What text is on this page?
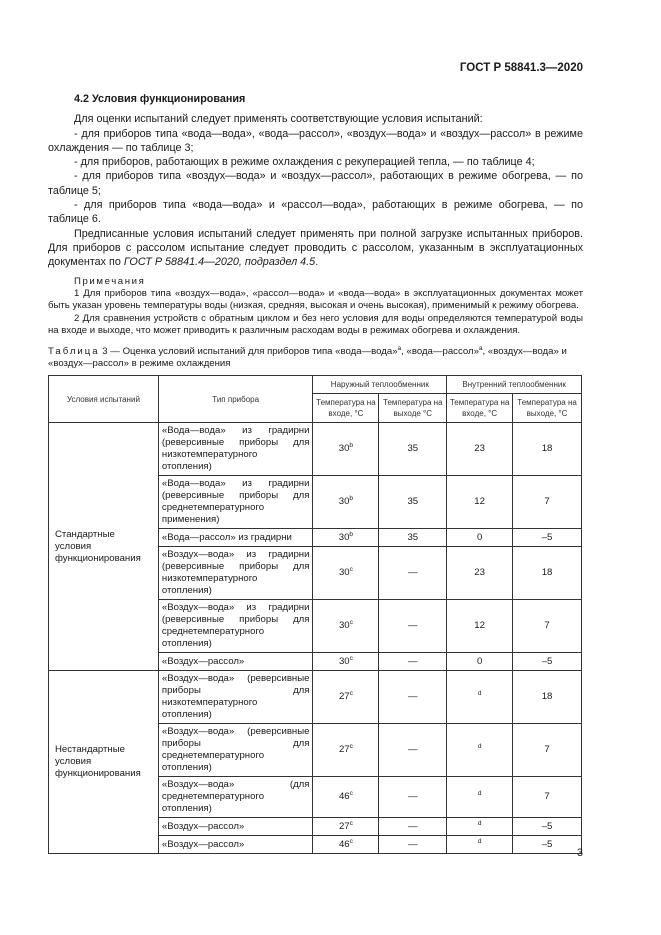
ГОСТ Р 58841.3—2020
4.2 Условия функционирования

Для оценки испытаний следует применять соответствующие условия испытаний:

- для приборов типа «вода—вода», «вода—рассол», «воздух—вода» и «воздух—рассол» в режиме охлаждения — по таблице 3;

- для приборов, работающих в режиме охлаждения с рекуперацией тепла, — по таблице 4;

- для приборов типа «воздух—вода» и «воздух—рассол», работающих в режиме обогрева, — по таблице 5;

- для приборов типа «вода—вода» и «рассол—вода», работающих в режиме обогрева, — по таблице 6.

Предписанные условия испытаний следует применять при полной загрузке испытанных приборов. Для приборов с рассолом испытание следует проводить с рассолом, указанным в эксплуатационных документах по ГОСТ Р 58841.4—2020, подраздел 4.5.

Примечания

1 Для приборов типа «воздух—вода», «рассол—вода» и «вода—вода» в эксплуатационных документах может быть указан уровень температуры воды (низкая, средняя, высокая и очень высокая), применимый к режиму обогрева.

2 Для сравнения устройств с обратным циклом и без него условия для воды определяются температурой воды на входе и выходе, что может приводить к различным расходам воды в режимах обогрева и охлаждения.

Таблица 3 — Оценка условий испытаний для приборов типа «вода—вода»$^a$, «вода—рассол»$^a$, «воздух—вода» и «воздух—рассол» в режиме охлаждения
Условия испытаний	Тип прибора	Наружный теплообменник		Внутренний теплообменник	
		Температура на входе, °С	Температура на выходе °С	Температура на входе, °С	Температура на выходе, °С
Стандартные условия функционирования	«Вода—вода» из градирни (реверсивные приборы для низкотемпературного отопления)	30$^b$	35	23	18
	«Вода—вода» из градирни (реверсивные приборы для среднетемпературного применения)	30$^b$	35	12	7
	«Вода—рассол» из градирни	30$^b$	35	0	–5
	«Воздух—вода» из градирни (реверсивные приборы для низкотемпературного отопления)	30$^c$	—	23	18
	«Воздух—вода» из градирни (реверсивные приборы для среднетемпературного отопления)	30$^c$	—	12	7
	«Воздух—рассол»	30$^c$	—	0	–5
Нестандартные условия функционирования	«Воздух—вода» (реверсивные приборы для низкотемпературного отопления)	27$^c$	—	$^d$	18
	«Воздух—вода» (реверсивные приборы для среднетемпературного отопления)	27$^c$	—	$^d$	7
	«Воздух—вода» (для среднетемпературного отопления)	46$^c$	—	$^d$	7
	«Воздух—рассол»	27$^c$	—	$^d$	–5
	«Воздух—рассол»	46$^c$	—	$^d$	–5
3
